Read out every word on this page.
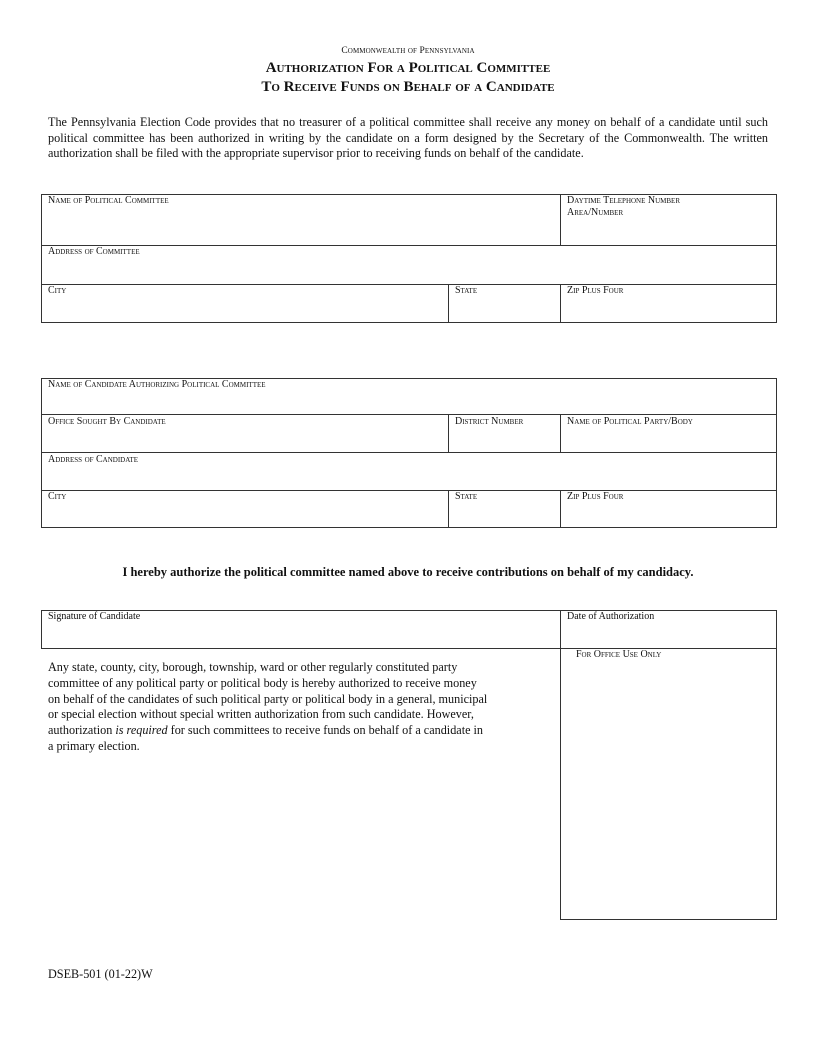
Commonwealth of Pennsylvania
Authorization For a Political Committee
To Receive Funds on Behalf of a Candidate
The Pennsylvania Election Code provides that no treasurer of a political committee shall receive any money on behalf of a candidate until such political committee has been authorized in writing by the candidate on a form designed by the Secretary of the Commonwealth. The written authorization shall be filed with the appropriate supervisor prior to receiving funds on behalf of the candidate.
Name of Political Committee	Daytime Telephone Number
Area/Number
Address of Committee
City	State	Zip Plus Four
Name of Candidate Authorizing Political Committee
Office Sought By Candidate	District Number	Name of Political Party/Body
Address of Candidate
City	State	Zip Plus Four
I hereby authorize the political committee named above to receive contributions on behalf of my candidacy.
Signature of Candidate	Date of Authorization
For Office Use Only
Any state, county, city, borough, township, ward or other regularly constituted party committee of any political party or political body is hereby authorized to receive money on behalf of the candidates of such political party or political body in a general, municipal or special election without special written authorization from such candidate. However, authorization is required for such committees to receive funds on behalf of a candidate in a primary election.
DSEB-501 (01-22)W
